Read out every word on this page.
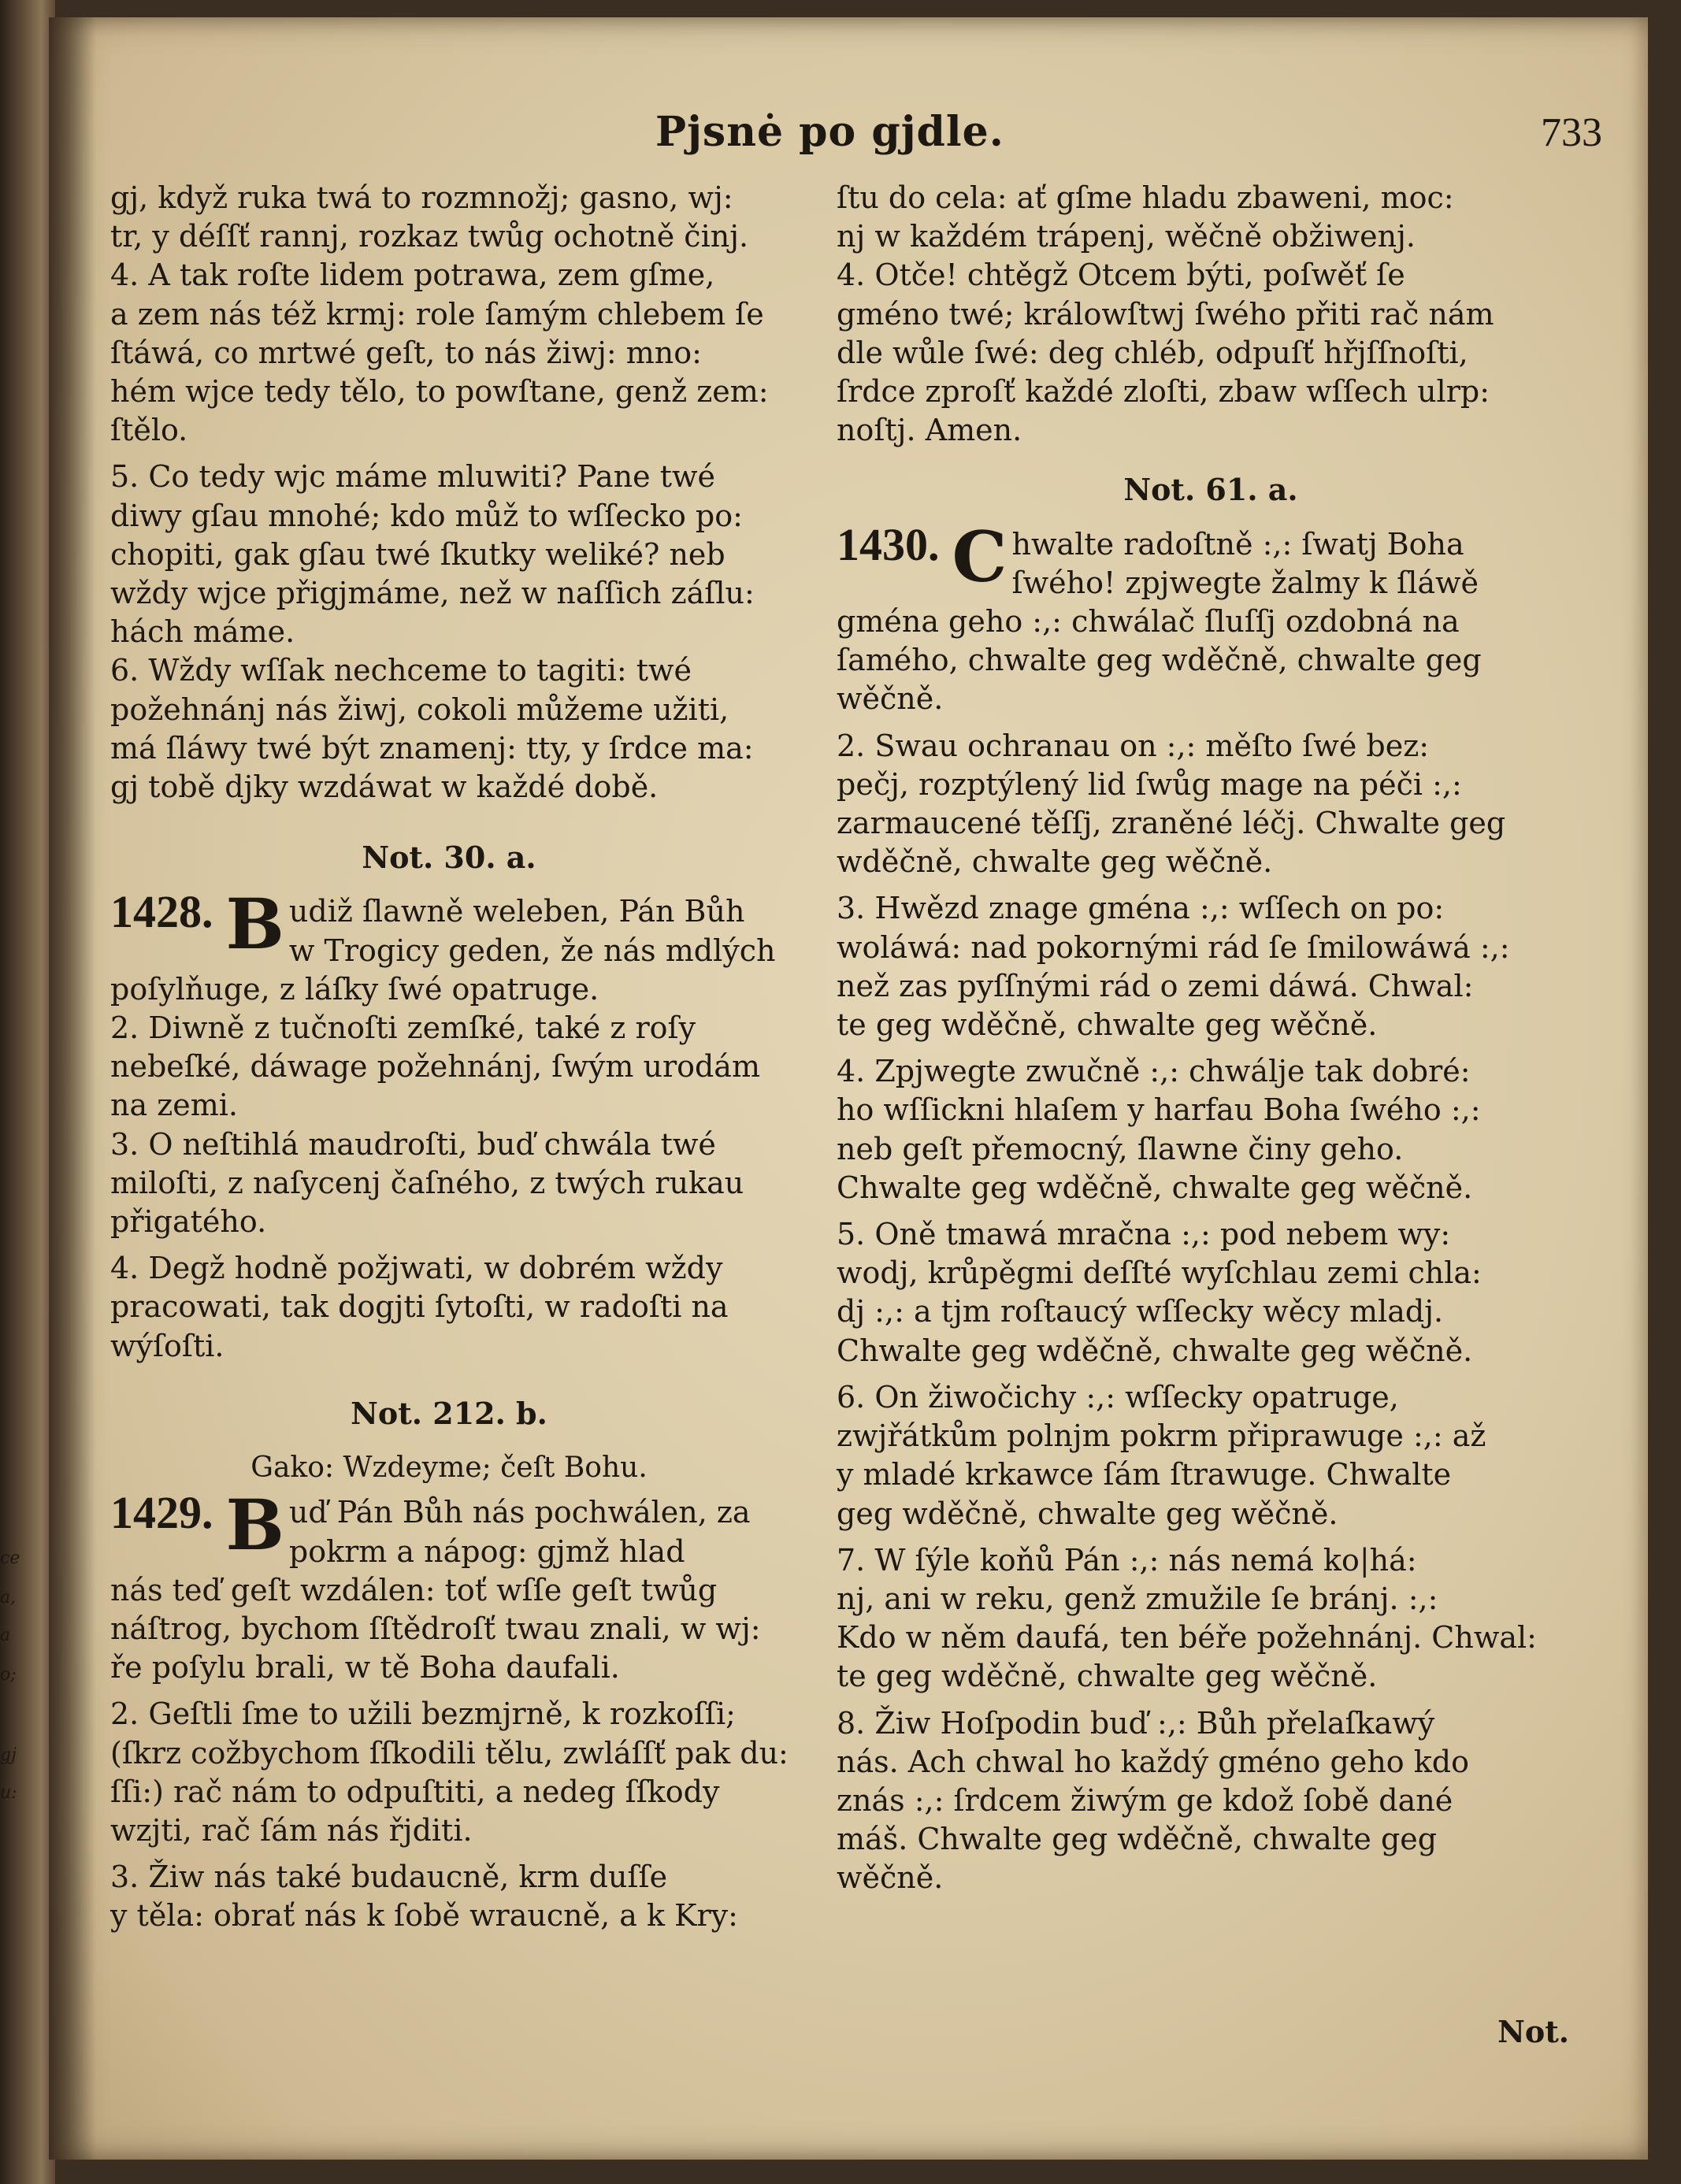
ce
a,
a
o;
gj
u:
Pjsnė po gjdle.	733
gj, když ruka twá to rozmnožj; gasno, wj:
tr, y déſſť rannj, rozkaz twůg ochotně činj.
4. A tak roſte lidem potrawa, zem gſme,
a zem nás též krmj: role ſamým chlebem ſe
ſtáwá, co mrtwé geſt, to nás žiwj: mno:
hém wjce tedy tělo, to powſtane, genž zem:
ſtělo.
5. Co tedy wjc máme mluwiti? Pane twé
diwy gſau mnohé; kdo můž to wſſecko po:
chopiti, gak gſau twé ſkutky weliké? neb
wždy wjce přigjmáme, než w naſſich záſlu:
hách máme.
6. Wždy wſſak nechceme to tagiti: twé
požehnánj nás žiwj, cokoli můžeme užiti,
má ſláwy twé být znamenj: tty, y ſrdce ma:
gj tobě djky wzdáwat w každé době.
Not. 30. a.
1428. B udiž ſlawně weleben, Pán Bůh
w Trogicy geden, že nás mdlých
poſylňuge, z láſky ſwé opatruge.
2. Diwně z tučnoſti zemſké, také z roſy
nebeſké, dáwage požehnánj, ſwým urodám
na zemi.
3. O neſtihlá maudroſti, buď chwála twé
miloſti, z naſycenj čaſného, z twých rukau
přigatého.
4. Degž hodně požjwati, w dobrém wždy
pracowati, tak dogjti ſytoſti, w radoſti na
wýſoſti.
Not. 212. b.
Gako: Wzdeyme; čeſt Bohu.
1429. B uď Pán Bůh nás pochwálen, za
pokrm a nápog: gjmž hlad
nás teď geſt wzdálen: toť wſſe geſt twůg
náſtrog, bychom ſſtědroſť twau znali, w wj:
ře poſylu brali, w tě Boha daufali.
2. Geſtli ſme to užili bezmjrně, k rozkoſſi;
(ſkrz cožbychom ſſkodili tělu, zwláſſť pak du:
ſſi:) rač nám to odpuſtiti, a nedeg ſſkody
wzjti, rač ſám nás řjditi.
3. Žiw nás také budaucně, krm duſſe
y těla: obrať nás k ſobě wraucně, a k Kry:
ſtu do cela: ať gſme hladu zbaweni, moc:
nj w každém trápenj, wěčně obžiwenj.
4. Otče! chtěgž Otcem býti, poſwěť ſe
gméno twé; králowſtwj ſwého přiti rač nám
dle wůle ſwé: deg chléb, odpuſť hřjſſnoſti,
ſrdce zproſť každé zloſti, zbaw wſſech ulrp:
noſtj. Amen.
Not. 61. a.
1430. C hwalte radoſtně :,: ſwatj Boha
ſwého! zpjwegte žalmy k ſláwě
gména geho :,: chwálač ſluſſj ozdobná na
ſamého, chwalte geg wděčně, chwalte geg
wěčně.
2. Swau ochranau on :,: měſto ſwé bez:
pečj, rozptýlený lid ſwůg mage na péči :,:
zarmaucené těſſj, zraněné léčj. Chwalte geg
wděčně, chwalte geg wěčně.
3. Hwězd znage gména :,: wſſech on po:
woláwá: nad pokornými rád ſe ſmilowáwá :,:
než zas pyſſnými rád o zemi dáwá. Chwal:
te geg wděčně, chwalte geg wěčně.
4. Zpjwegte zwučně :,: chwálje tak dobré:
ho wſſickni hlaſem y harfau Boha ſwého :,:
neb geſt přemocný, ſlawne činy geho.
Chwalte geg wděčně, chwalte geg wěčně.
5. Oně tmawá mračna :,: pod nebem wy:
wodj, krůpěgmi deſſté wyſchlau zemi chla:
dj :,: a tjm roſtaucý wſſecky wěcy mladj.
Chwalte geg wděčně, chwalte geg wěčně.
6. On žiwočichy :,: wſſecky opatruge,
zwjřátkům polnjm pokrm připrawuge :,: až
y mladé krkawce ſám ſtrawuge. Chwalte
geg wděčně, chwalte geg wěčně.
7. W ſýle koňů Pán :,: nás nemá ko|há:
nj, ani w reku, genž zmužile ſe bránj. :,:
Kdo w něm daufá, ten béře požehnánj. Chwal:
te geg wděčně, chwalte geg wěčně.
8. Žiw Hoſpodin buď :,: Bůh přelaſkawý
nás. Ach chwal ho každý gméno geho kdo
znás :,: ſrdcem žiwým ge kdož ſobě dané
máš. Chwalte geg wděčně, chwalte geg
wěčně.
Not.
